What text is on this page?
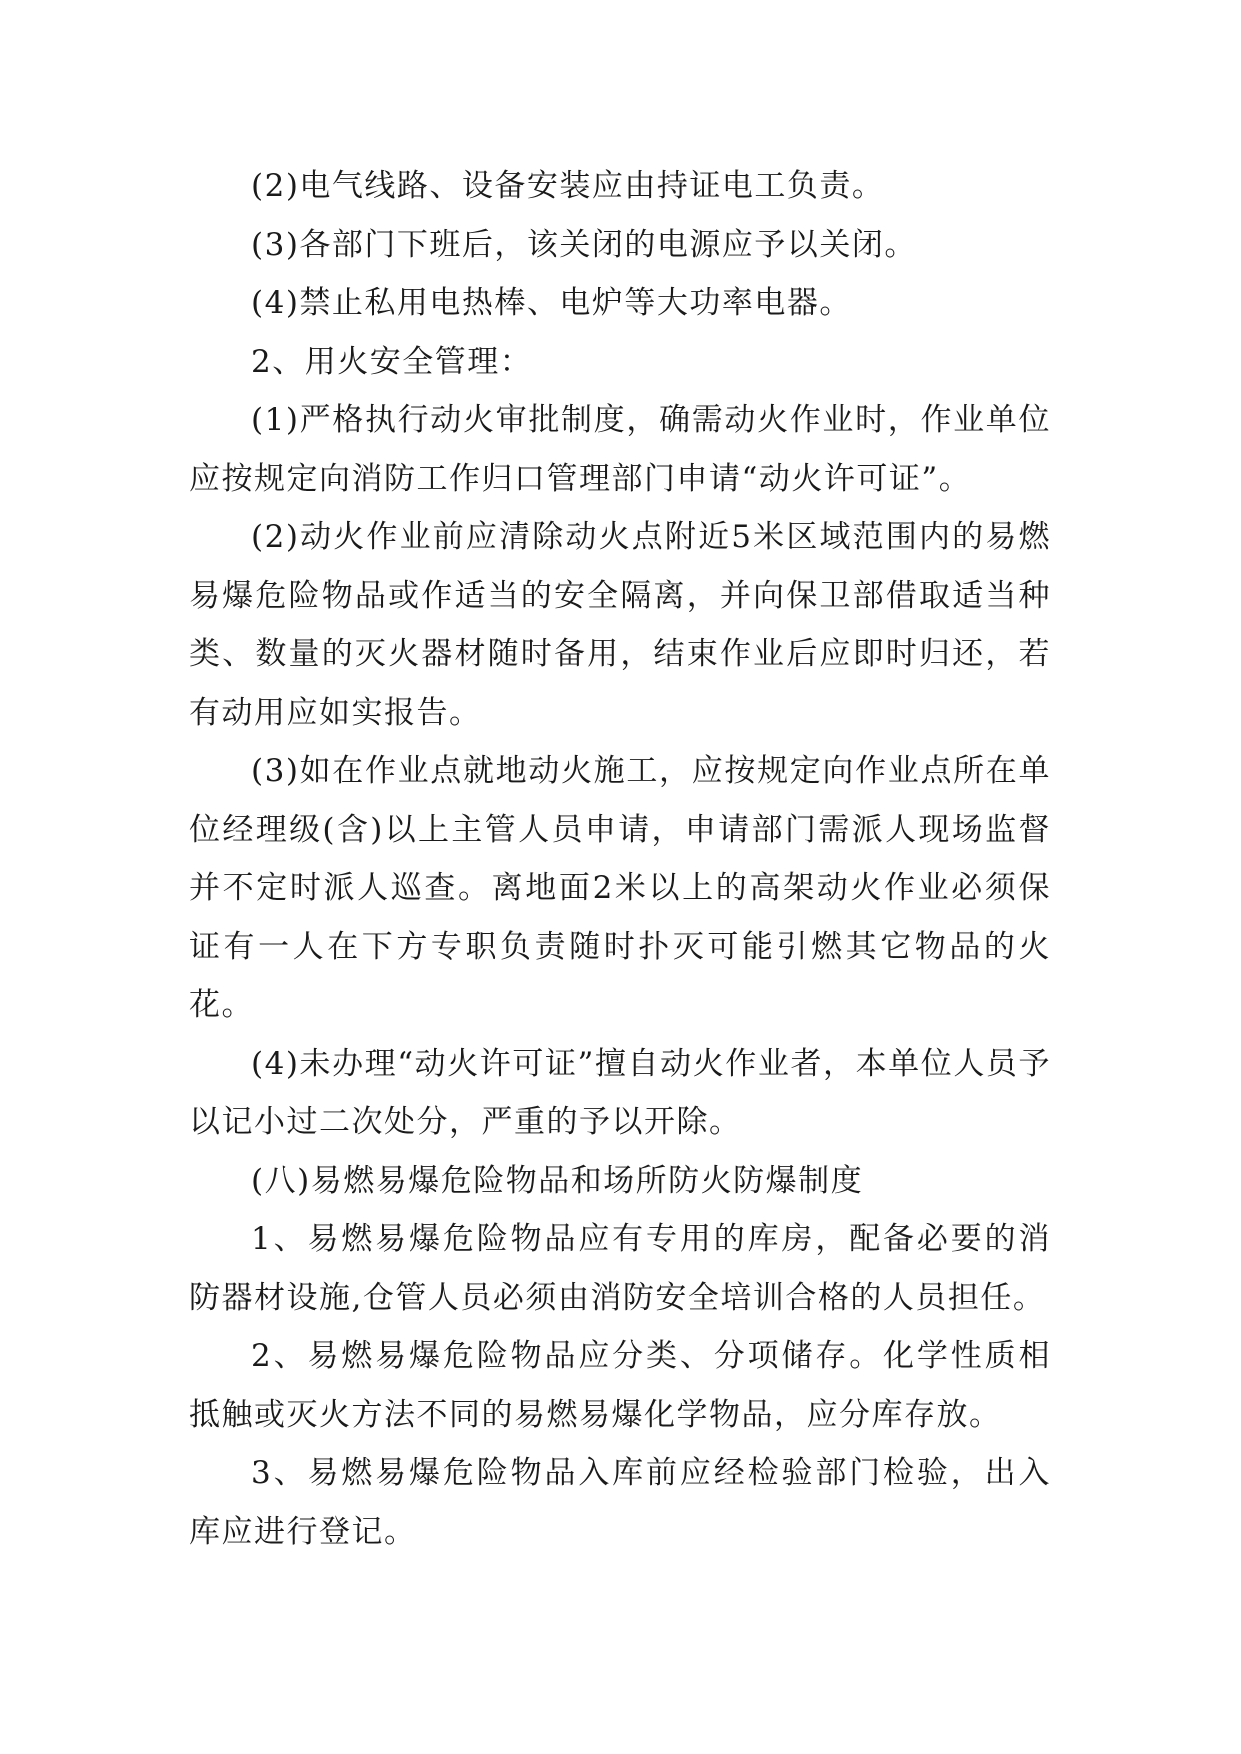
(2)电气线路、设备安装应由持证电工负责。

(3)各部门下班后，该关闭的电源应予以关闭。

(4)禁止私用电热棒、电炉等大功率电器。

2、用火安全管理：

(1)严格执行动火审批制度，确需动火作业时，作业单位应按规定向消防工作归口管理部门申请“动火许可证”。

(2)动火作业前应清除动火点附近5米区域范围内的易燃易爆危险物品或作适当的安全隔离，并向保卫部借取适当种类、数量的灭火器材随时备用，结束作业后应即时归还，若有动用应如实报告。

(3)如在作业点就地动火施工，应按规定向作业点所在单位经理级(含)以上主管人员申请，申请部门需派人现场监督并不定时派人巡查。离地面2米以上的高架动火作业必须保证有一人在下方专职负责随时扑灭可能引燃其它物品的火花。

(4)未办理“动火许可证”擅自动火作业者，本单位人员予以记小过二次处分，严重的予以开除。

(八)易燃易爆危险物品和场所防火防爆制度

1、易燃易爆危险物品应有专用的库房，配备必要的消防器材设施,仓管人员必须由消防安全培训合格的人员担任。

2、易燃易爆危险物品应分类、分项储存。化学性质相抵触或灭火方法不同的易燃易爆化学物品，应分库存放。

3、易燃易爆危险物品入库前应经检验部门检验，出入库应进行登记。
